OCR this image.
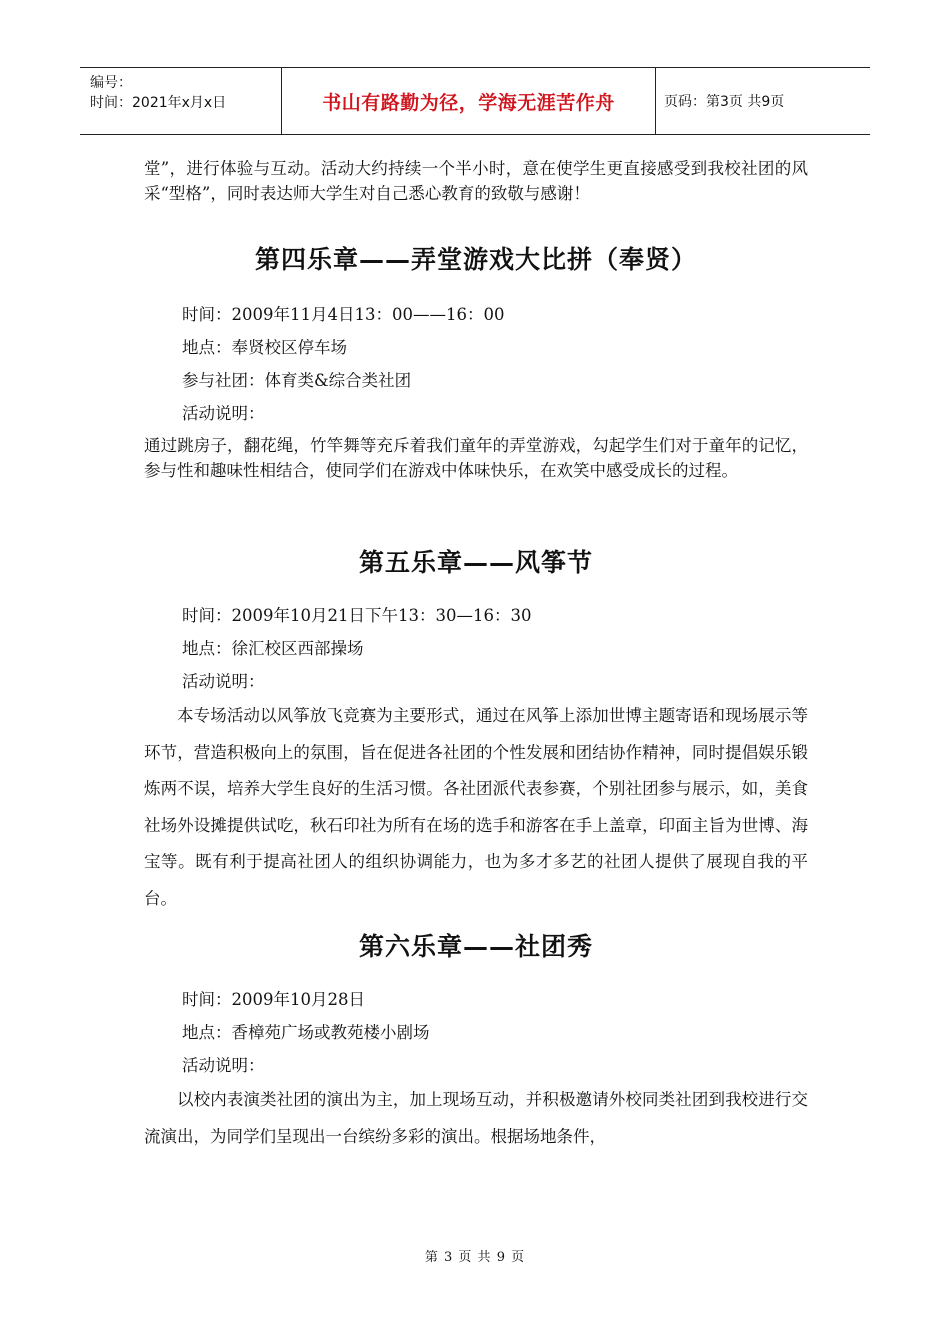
编号：
时间：2021年x月x日	书山有路勤为径，学海无涯苦作舟	页码：第3页 共9页

堂”，进行体验与互动。活动大约持续一个半小时，意在使学生更直接感受到我校社团的风采“型格”，同时表达师大学生对自己悉心教育的致敬与感谢！

第四乐章——弄堂游戏大比拼（奉贤）

时间：2009年11月4日13：00——16：00

地点：奉贤校区停车场

参与社团：体育类&综合类社团

活动说明：

通过跳房子，翻花绳，竹竿舞等充斥着我们童年的弄堂游戏，勾起学生们对于童年的记忆，参与性和趣味性相结合，使同学们在游戏中体味快乐，在欢笑中感受成长的过程。

第五乐章——风筝节

时间：2009年10月21日下午13：30—16：30

地点：徐汇校区西部操场

活动说明：

本专场活动以风筝放飞竞赛为主要形式，通过在风筝上添加世博主题寄语和现场展示等环节，营造积极向上的氛围，旨在促进各社团的个性发展和团结协作精神，同时提倡娱乐锻炼两不误，培养大学生良好的生活习惯。各社团派代表参赛，个别社团参与展示，如，美食社场外设摊提供试吃，秋石印社为所有在场的选手和游客在手上盖章，印面主旨为世博、海宝等。既有利于提高社团人的组织协调能力，也为多才多艺的社团人提供了展现自我的平台。

第六乐章——社团秀

时间：2009年10月28日

地点：香樟苑广场或教苑楼小剧场

活动说明：

以校内表演类社团的演出为主，加上现场互动，并积极邀请外校同类社团到我校进行交流演出，为同学们呈现出一台缤纷多彩的演出。根据场地条件，

第 3 页 共 9 页
